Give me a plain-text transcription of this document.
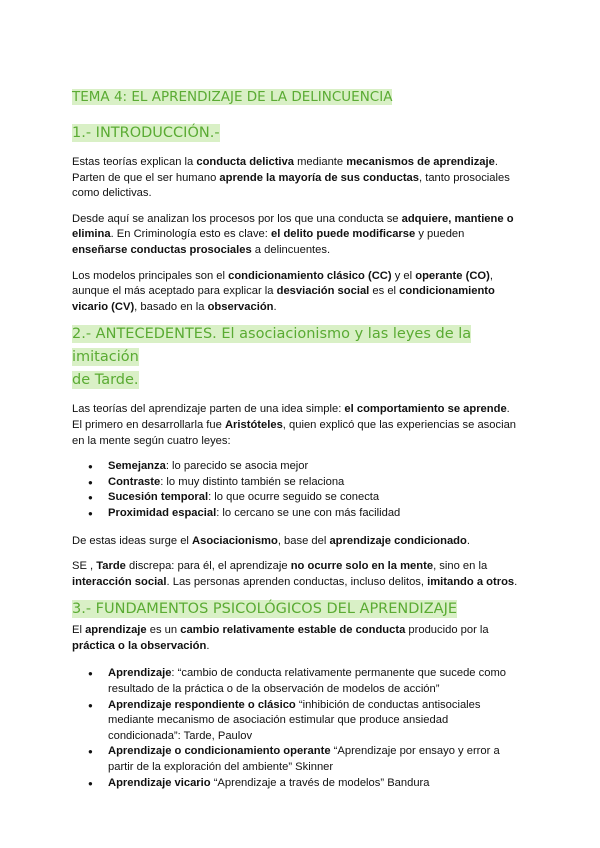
TEMA 4: EL APRENDIZAJE DE LA DELINCUENCIA
1.- INTRODUCCIÓN.-

Estas teorías explican la conducta delictiva mediante mecanismos de aprendizaje. Parten de que el ser humano aprende la mayoría de sus conductas, tanto prosociales como delictivas.

Desde aquí se analizan los procesos por los que una conducta se adquiere, mantiene o elimina. En Criminología esto es clave: el delito puede modificarse y pueden enseñarse conductas prosociales a delincuentes.

Los modelos principales son el condicionamiento clásico (CC) y el operante (CO), aunque el más aceptado para explicar la desviación social es el condicionamiento vicario (CV), basado en la observación.

2.- ANTECEDENTES. El asociacionismo y las leyes de la imitación
de Tarde.

Las teorías del aprendizaje parten de una idea simple: el comportamiento se aprende. El primero en desarrollarla fue Aristóteles, quien explicó que las experiencias se asocian en la mente según cuatro leyes:

● Semejanza: lo parecido se asocia mejor
● Contraste: lo muy distinto también se relaciona
● Sucesión temporal: lo que ocurre seguido se conecta
● Proximidad espacial: lo cercano se une con más facilidad

De estas ideas surge el Asociacionismo, base del aprendizaje condicionado.

SE , Tarde discrepa: para él, el aprendizaje no ocurre solo en la mente, sino en la interacción social. Las personas aprenden conductas, incluso delitos, imitando a otros.

3.- FUNDAMENTOS PSICOLÓGICOS DEL APRENDIZAJE

El aprendizaje es un cambio relativamente estable de conducta producido por la práctica o la observación.

● Aprendizaje: “cambio de conducta relativamente permanente que sucede como resultado de la práctica o de la observación de modelos de acción”
● Aprendizaje respondiente o clásico “inhibición de conductas antisociales mediante mecanismo de asociación estimular que produce ansiedad condicionada”: Tarde, Paulov
● Aprendizaje o condicionamiento operante “Aprendizaje por ensayo y error a partir de la exploración del ambiente” Skinner
● Aprendizaje vicario “Aprendizaje a través de modelos” Bandura
